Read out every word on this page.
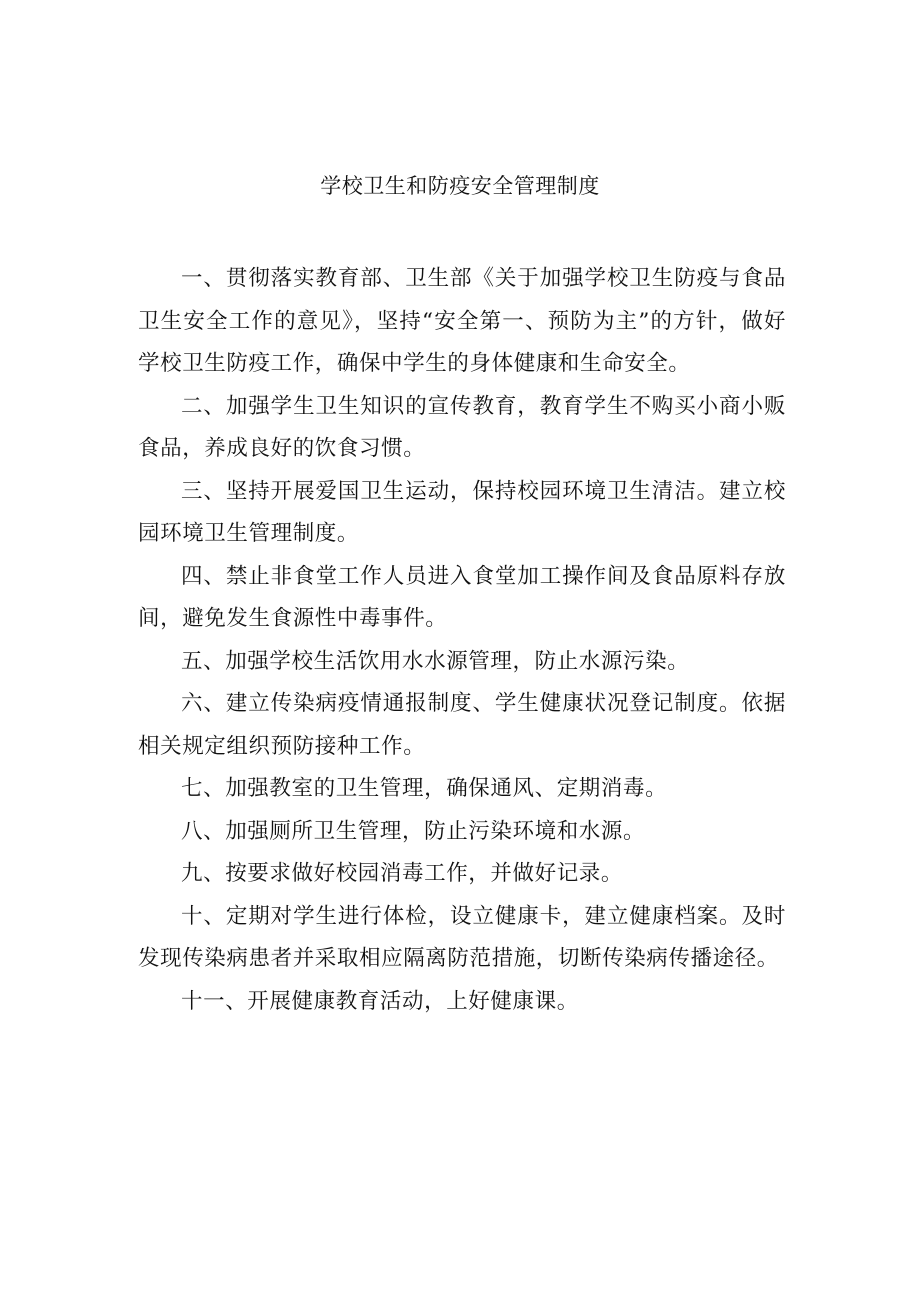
学校卫生和防疫安全管理制度

一、贯彻落实教育部、卫生部《关于加强学校卫生防疫与食品卫生安全工作的意见》，坚持“安全第一、预防为主”的方针，做好学校卫生防疫工作，确保中学生的身体健康和生命安全。

二、加强学生卫生知识的宣传教育，教育学生不购买小商小贩食品，养成良好的饮食习惯。

三、坚持开展爱国卫生运动，保持校园环境卫生清洁。建立校园环境卫生管理制度。

四、禁止非食堂工作人员进入食堂加工操作间及食品原料存放间，避免发生食源性中毒事件。

五、加强学校生活饮用水水源管理，防止水源污染。

六、建立传染病疫情通报制度、学生健康状况登记制度。依据相关规定组织预防接种工作。

七、加强教室的卫生管理，确保通风、定期消毒。

八、加强厕所卫生管理，防止污染环境和水源。

九、按要求做好校园消毒工作，并做好记录。

十、定期对学生进行体检，设立健康卡，建立健康档案。及时发现传染病患者并采取相应隔离防范措施，切断传染病传播途径。

十一、开展健康教育活动，上好健康课。
